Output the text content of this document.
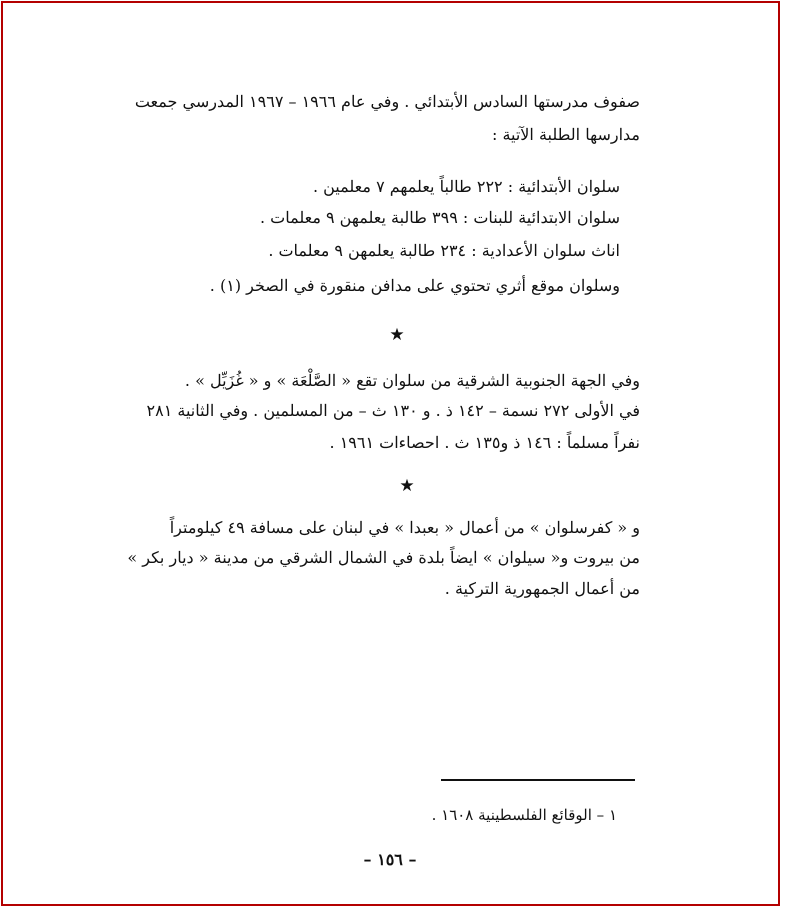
صفوف مدرستها السادس الأبتدائي . وفي عام ١٩٦٦ – ١٩٦٧ المدرسي جمعت
مدارسها الطلبة الآتية :
سلوان الأبتدائية : ٢٢٢ طالباً يعلمهم ٧ معلمين .
سلوان الابتدائية للبنات : ٣٩٩ طالبة يعلمهن ٩ معلمات .
اناث سلوان الأعدادية : ٢٣٤ طالبة يعلمهن ٩ معلمات .
وسلوان موقع أثري تحتوي على مدافن منقورة في الصخر (١) .
★
وفي الجهة الجنوبية الشرقية من سلوان تقع « الصَّلْعَة » و « غُزَيِّل » .
في الأولى ٢٧٢ نسمة – ١٤٢ ذ . و ١٣٠ ث – من المسلمين . وفي الثانية ٢٨١
نفراً مسلماً : ١٤٦ ذ و١٣٥ ث . احصاءات ١٩٦١ .
★
و « كفرسلوان » من أعمال « بعبدا » في لبنان على مسافة ٤٩ كيلومتراً
من بيروت و« سيلوان » ايضاً بلدة في الشمال الشرقي من مدينة « ديار بكر »
من أعمال الجمهورية التركية .
١ – الوقائع الفلسطينية ١٦٠٨ .
– ١٥٦ –
